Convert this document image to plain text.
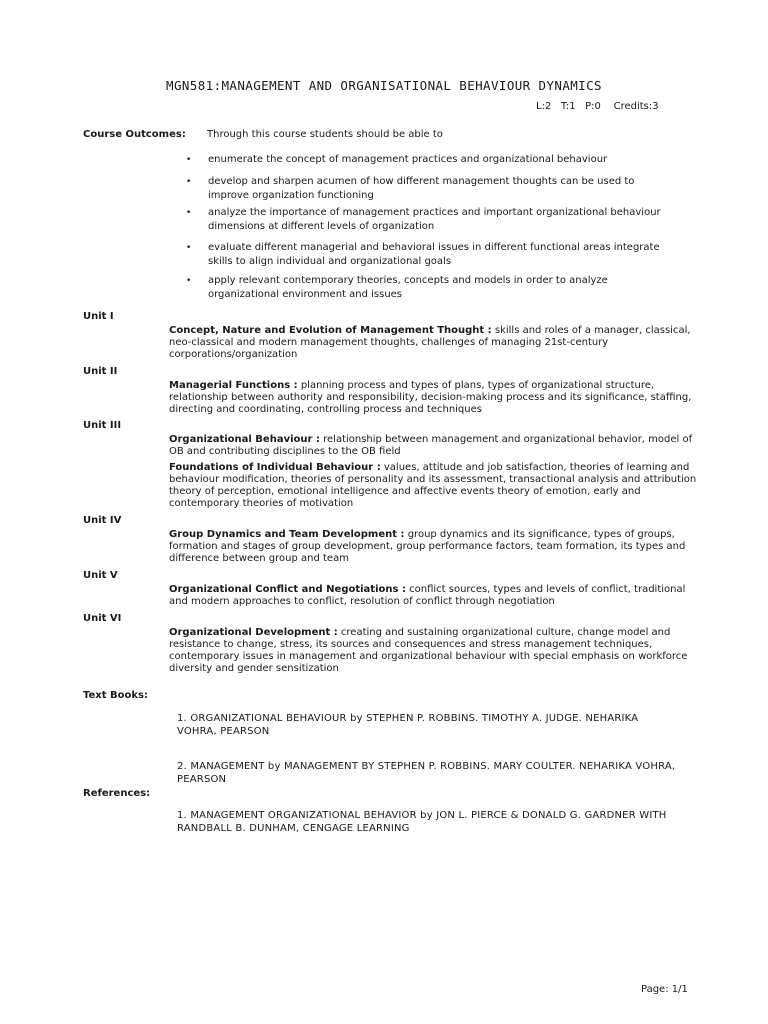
MGN581:MANAGEMENT AND ORGANISATIONAL BEHAVIOUR DYNAMICS
L:2   T:1   P:0    Credits:3
Course Outcomes: Through this course students should be able to
• enumerate the concept of management practices and organizational behaviour
• develop and sharpen acumen of how different management thoughts can be used to improve organization functioning
• analyze the importance of management practices and important organizational behaviour dimensions at different levels of organization
• evaluate different managerial and behavioral issues in different functional areas integrate skills to align individual and organizational goals
• apply relevant contemporary theories, concepts and models in order to analyze organizational environment and issues
Unit I
Concept, Nature and Evolution of Management Thought : skills and roles of a manager, classical, neo-classical and modern management thoughts, challenges of managing 21st-century corporations/organization
Unit II
Managerial Functions : planning process and types of plans, types of organizational structure, relationship between authority and responsibility, decision-making process and its significance, staffing, directing and coordinating, controlling process and techniques
Unit III
Organizational Behaviour : relationship between management and organizational behavior, model of OB and contributing disciplines to the OB field
Foundations of Individual Behaviour : values, attitude and job satisfaction, theories of learning and behaviour modification, theories of personality and its assessment, transactional analysis and attribution theory of perception, emotional intelligence and affective events theory of emotion, early and contemporary theories of motivation
Unit IV
Group Dynamics and Team Development : group dynamics and its significance, types of groups, formation and stages of group development, group performance factors, team formation, its types and difference between group and team
Unit V
Organizational Conflict and Negotiations : conflict sources, types and levels of conflict, traditional and modern approaches to conflict, resolution of conflict through negotiation
Unit VI
Organizational Development : creating and sustaining organizational culture, change model and resistance to change, stress, its sources and consequences and stress management techniques, contemporary issues in management and organizational behaviour with special emphasis on workforce diversity and gender sensitization
Text Books:
1. ORGANIZATIONAL BEHAVIOUR by STEPHEN P. ROBBINS. TIMOTHY A. JUDGE. NEHARIKA VOHRA, PEARSON
2. MANAGEMENT by MANAGEMENT BY STEPHEN P. ROBBINS. MARY COULTER. NEHARIKA VOHRA, PEARSON
References:
1. MANAGEMENT ORGANIZATIONAL BEHAVIOR by JON L. PIERCE & DONALD G. GARDNER WITH RANDBALL B. DUNHAM, CENGAGE LEARNING
Page: 1/1
